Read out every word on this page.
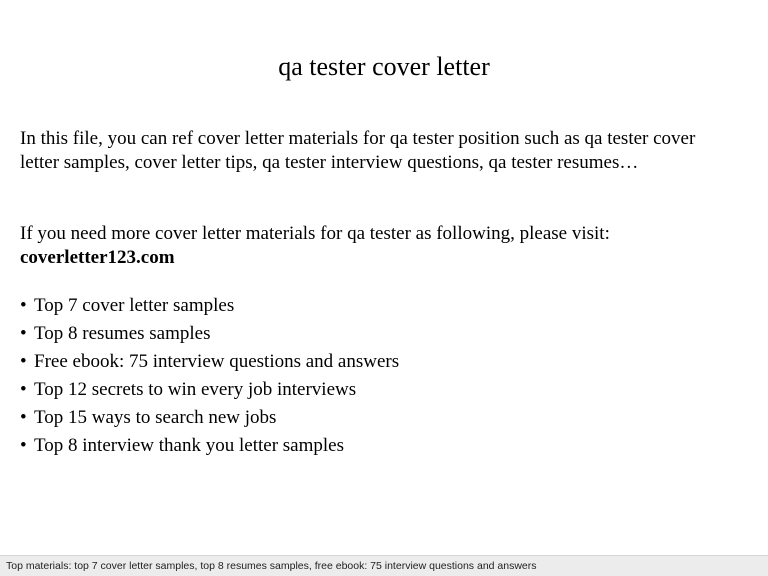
qa tester cover letter

In this file, you can ref cover letter materials for qa tester position such as qa tester cover letter samples, cover letter tips, qa tester interview questions, qa tester resumes…

If you need more cover letter materials for qa tester as following, please visit:
coverletter123.com

• Top 7 cover letter samples
• Top 8 resumes samples
• Free ebook: 75 interview questions and answers
• Top 12 secrets to win every job interviews
• Top 15 ways to search new jobs
• Top 8 interview thank you letter samples
Top materials: top 7 cover letter samples, top 8 resumes samples, free ebook: 75 interview questions and answers
